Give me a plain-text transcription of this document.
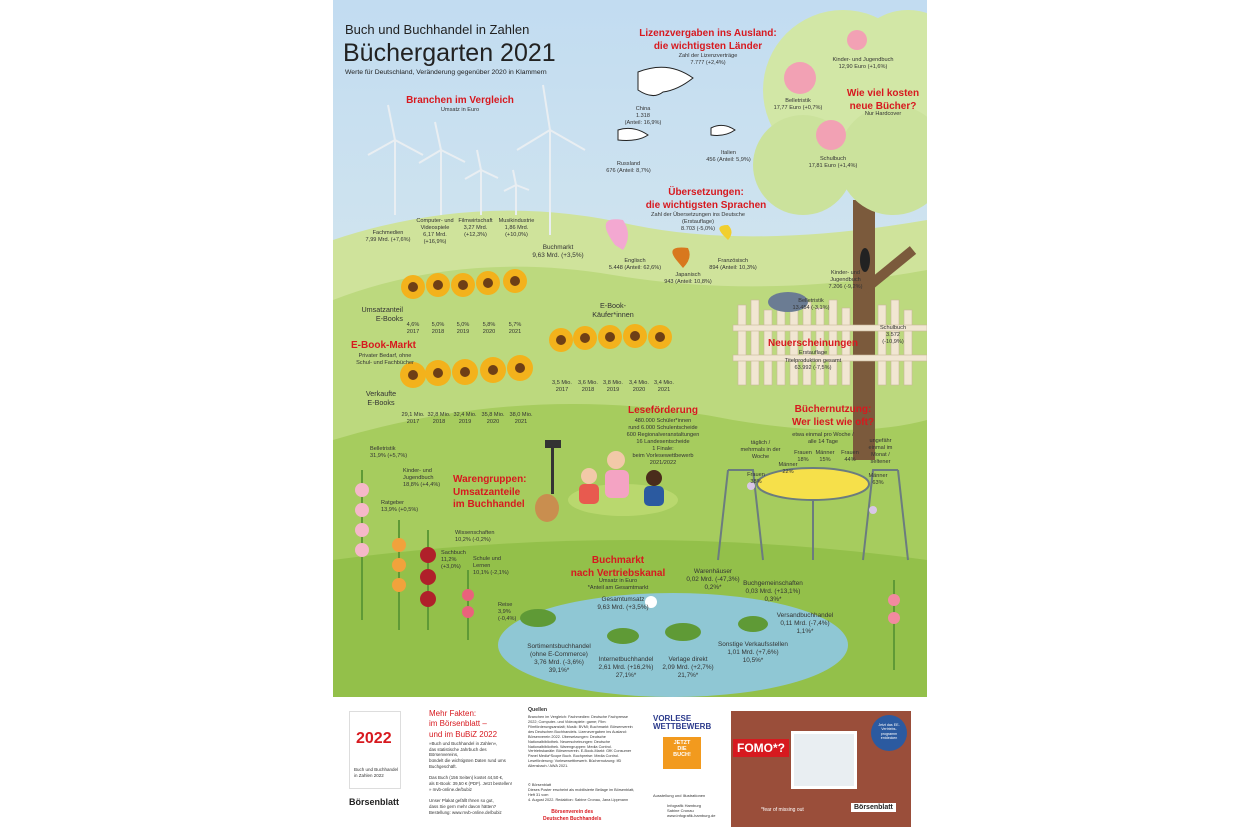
Buch und Buchhandel in Zahlen
Büchergarten 2021
Werte für Deutschland, Veränderung gegenüber 2020 in Klammern
Branchen im Vergleich
Umsatz in Euro
Fachmedien
7,99 Mrd. (+7,6%)
Computer- und
Videospiele
6,17 Mrd.
(+16,9%)
Filmwirtschaft
3,27 Mrd.
(+12,3%)
Musikindustrie
1,86 Mrd.
(+10,0%)
Buchmarkt
9,63 Mrd. (+3,5%)
Lizenzvergaben ins Ausland:
die wichtigsten Länder
Zahl der Lizenzverträge
7.777 (+2,4%)
China
1.318
(Anteil: 16,9%)
Russland
676 (Anteil: 8,7%)
Italien
456 (Anteil: 5,9%)
Kinder- und Jugendbuch
12,90 Euro (+1,6%)
Belletristik
17,77 Euro (+0,7%)
Wie viel kosten
neue Bücher?
Nur Hardcover
Schulbuch
17,81 Euro (+1,4%)
Übersetzungen:
die wichtigsten Sprachen
Zahl der Übersetzungen ins Deutsche
(Erstauflage)
8.703 (-5,0%)
Englisch
5.448 (Anteil: 62,6%)
Japanisch
943 (Anteil: 10,8%)
Französisch
894 (Anteil: 10,3%)
Umsatzanteil
E-Books
4,6%
2017
5,0%
2018
5,0%
2019
5,8%
2020
5,7%
2021
E-Book-Markt
Privater Bedarf, ohne
Schul- und Fachbücher
Verkaufte
E-Books
29,1 Mio.
2017
32,8 Mio.
2018
32,4 Mio.
2019
35,8 Mio.
2020
38,0 Mio.
2021
E-Book-
Käufer*innen
3,5 Mio.
2017
3,6 Mio.
2018
3,8 Mio.
2019
3,4 Mio.
2020
3,4 Mio.
2021
Kinder- und
Jugendbuch
7.206 (-9,2%)
Belletristik
13.454 (-3,1%)
Schulbuch
3.572
(-10,9%)
Neuerscheinungen
Erstauflage
Titelproduktion gesamt
63.992 (-7,5%)
Leseförderung
480.000 Schüler*innen
rund 6.000 Schulentscheide
600 Regionalveranstaltungen
16 Landesentscheide
1 Finale:
beim Vorlesewettbewerb
2021/2022
Büchernutzung:
Wer liest wie oft?
täglich /
mehrmals in der
Woche
etwa einmal pro Woche /
alle 14 Tage	ungefähr
einmal im
Monat /
seltener
Frauen
38%
Männer
22%
Frauen
18%
Männer
15%
Frauen
44%
Männer
63%
Belletristik
31,9% (+5,7%)
Kinder- und
Jugendbuch
18,8% (+4,4%)
Ratgeber
13,9% (+0,5%)
Warengruppen:
Umsatzanteile
im Buchhandel
Wissenschaften
10,2% (-0,2%)
Sachbuch
11,2%
(+3,0%)
Schule und
Lernen
10,1% (-2,1%)
Reise
3,9%
(-0,4%)
Buchmarkt
nach Vertriebskanal
Umsatz in Euro
*Anteil am Gesamtmarkt
Gesamtumsatz
9,63 Mrd. (+3,5%)
Sortimentsbuchhandel
(ohne E-Commerce)
3,76 Mrd. (-3,6%)
39,1%*
Internetbuchhandel
2,61 Mrd. (+16,2%)
27,1%*
Verlage direkt
2,09 Mrd. (+2,7%)
21,7%*
Sonstige Verkaufsstellen
1,01 Mrd. (+7,6%)
10,5%*
Versandbuchhandel
0,11 Mrd. (-7,4%)
1,1%*
Buchgemeinschaften
0,03 Mrd. (+13,1%)
0,3%*
Warenhäuser
0,02 Mrd. (-47,3%)
0,2%*
2022
Buch und Buchhandel
in Zahlen 2022
Börsenblatt
Mehr Fakten:
im Börsenblatt –
und im BuBiZ 2022
»Buch und Buchhandel in Zahlen«,
das statistische Jahrbuch des Börsenvereins,
bündelt die wichtigsten Daten rund ums
Buchgeschäft.

Das Buch (156 Seiten) kostet 44,50 €,
als E-Book: 39,50 € (PDF). Jetzt bestellen!
» mvb-online.de/bubiz

Unser Plakat gefällt Ihnen so gut,
dass Sie gern mehr davon hätten?
Bestellung: www.mvb-online.de/bubiz
Quellen
Branchen im Vergleich: Fachmedien: Deutsche Fachpresse 2022; Computer- und Videospiele: game; Film: Filmförderungsanstalt; Musik: BVMI; Buchmarkt: Börsenverein des Deutschen Buchhandels. Lizenzvergaben ins Ausland: Börsenverein 2022. Übersetzungen: Deutsche Nationalbibliothek. Neuerscheinungen: Deutsche Nationalbibliothek. Warengruppen: Media Control. Vertriebskanäle: Börsenverein. E-Book-Markt: GfK Consumer Panel Media*Scope Buch. Buchpreise: Media Control. Leseförderung: Vorlesewettbewerb. Büchernutzung: IfD Allensbach / AWA 2021.
© Börsenblatt
Dieses Poster erscheint als mobilisierte Beilage im Börsenblatt, Heft 31 vom
4. August 2022. Redaktion: Sabine Cronau, Jana Lippmann
Börsenverein des
Deutschen Buchhandels
VORLESE
WETTBEWERB
JETZT
DIE
BUCH!
Ausstellung und Illustrationen
Infografik Hamburg
Sabine Cronau
www.infografik-hamburg.de
FOMO*?
Jetzt das EE-
Vertriebs-
programm
entdecken
*fear of missing out	Börsenblatt
